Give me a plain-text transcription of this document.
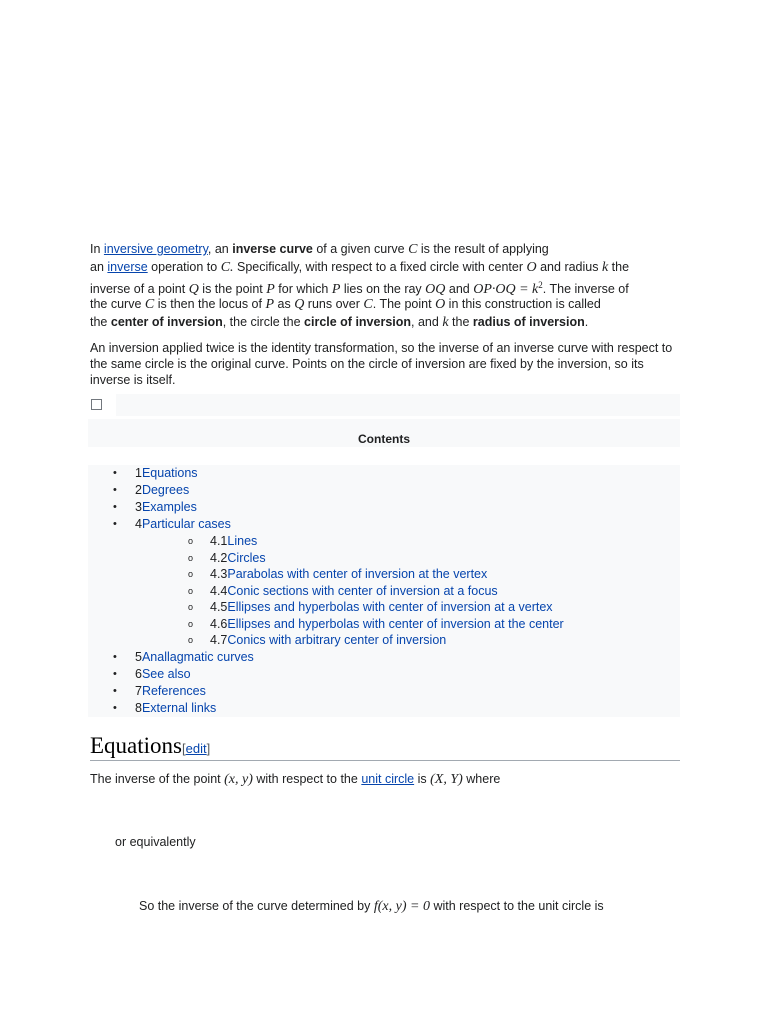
In inversive geometry, an inverse curve of a given curve C is the result of applying
an inverse operation to C. Specifically, with respect to a fixed circle with center O and radius k the
inverse of a point Q is the point P for which P lies on the ray OQ and $OP\cdot OQ = k^2$. The inverse of
the curve C is then the locus of P as Q runs over C. The point O in this construction is called
the center of inversion, the circle the circle of inversion, and k the radius of inversion.
An inversion applied twice is the identity transformation, so the inverse of an inverse curve with respect to the same circle is the original curve. Points on the circle of inversion are fixed by the inversion, so its inverse is itself.
Contents
• 1Equations
• 2Degrees
• 3Examples
• 4Particular cases
o 4.1Lines
o 4.2Circles
o 4.3Parabolas with center of inversion at the vertex
o 4.4Conic sections with center of inversion at a focus
o 4.5Ellipses and hyperbolas with center of inversion at a vertex
o 4.6Ellipses and hyperbolas with center of inversion at the center
o 4.7Conics with arbitrary center of inversion
• 5Anallagmatic curves
• 6See also
• 7References
• 8External links
Equations[edit]
The inverse of the point (x, y) with respect to the unit circle is (X, Y) where
or equivalently
So the inverse of the curve determined by f(x, y) = 0 with respect to the unit circle is
